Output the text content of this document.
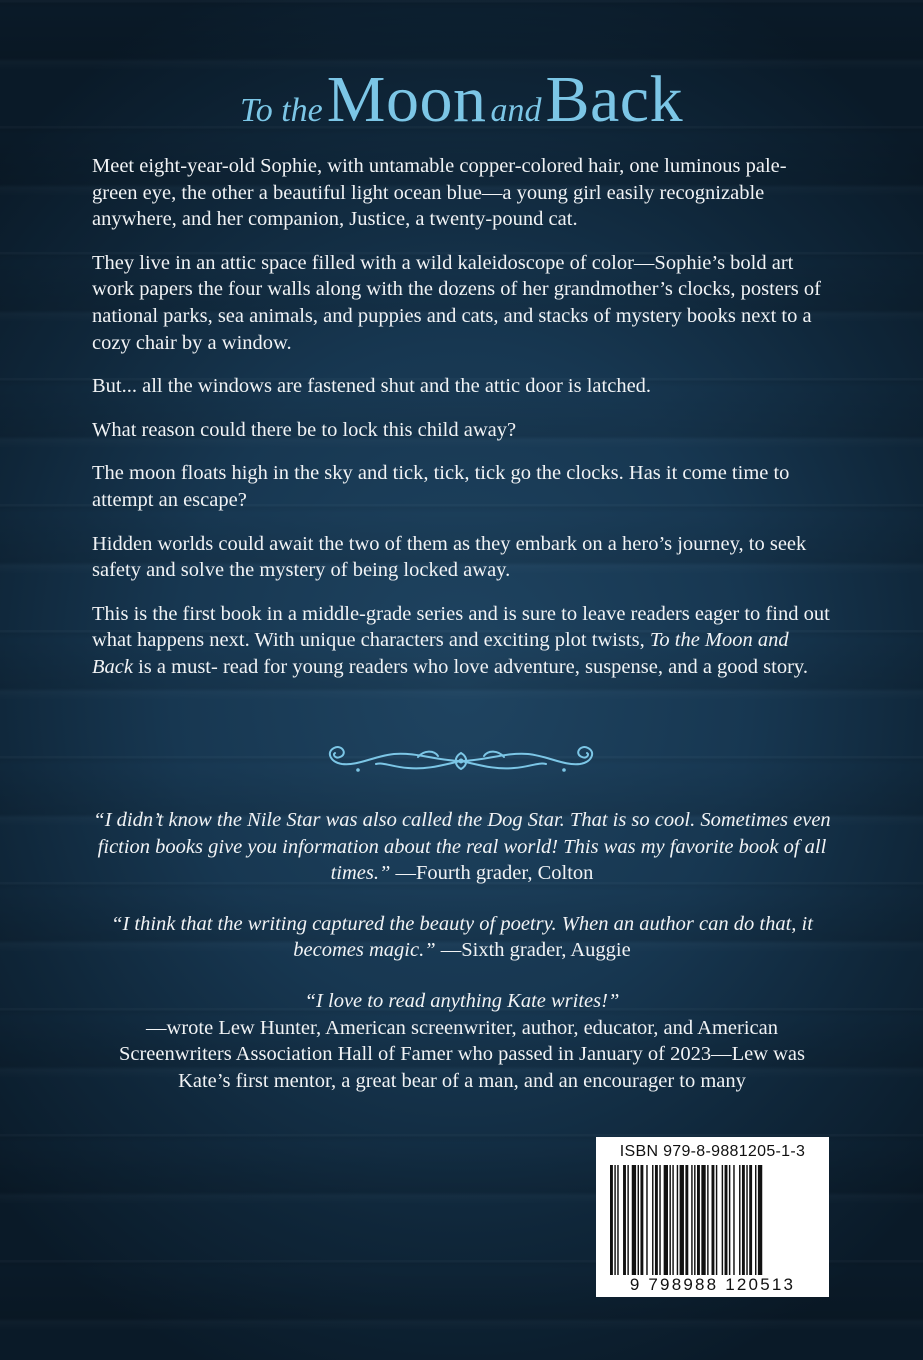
To the Moon and Back

Meet eight-year-old Sophie, with untamable copper-colored hair, one luminous pale-green eye, the other a beautiful light ocean blue—a young girl easily recognizable anywhere, and her companion, Justice, a twenty-pound cat.

They live in an attic space filled with a wild kaleidoscope of color—Sophie’s bold art work papers the four walls along with the dozens of her grandmother’s clocks, posters of national parks, sea animals, and puppies and cats, and stacks of mystery books next to a cozy chair by a window.

But... all the windows are fastened shut and the attic door is latched.

What reason could there be to lock this child away?

The moon floats high in the sky and tick, tick, tick go the clocks. Has it come time to attempt an escape?

Hidden worlds could await the two of them as they embark on a hero’s journey, to seek safety and solve the mystery of being locked away.

This is the first book in a middle-grade series and is sure to leave readers eager to find out what happens next. With unique characters and exciting plot twists, To the Moon and Back is a must- read for young readers who love adventure, suspense, and a good story.

“I didn’t know the Nile Star was also called the Dog Star. That is so cool. Sometimes even fiction books give you information about the real world! This was my favorite book of all times.” —Fourth grader, Colton

“I think that the writing captured the beauty of poetry. When an author can do that, it becomes magic.” —Sixth grader, Auggie

“I love to read anything Kate writes!”
—wrote Lew Hunter, American screenwriter, author, educator, and American Screenwriters Association Hall of Famer who passed in January of 2023—Lew was Kate’s first mentor, a great bear of a man, and an encourager to many

ISBN 979-8-9881205-1-3
9 798988 120513
